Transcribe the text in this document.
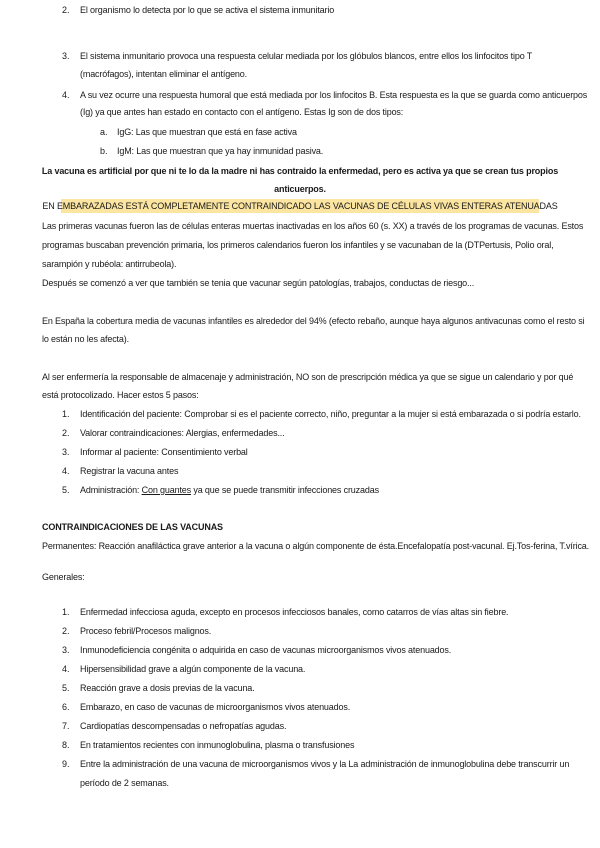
2. El organismo lo detecta por lo que se activa el sistema inmunitario
3. El sistema inmunitario provoca una respuesta celular mediada por los glóbulos blancos, entre ellos los linfocitos tipo T
(macrófagos), intentan eliminar el antígeno.
4. A su vez ocurre una respuesta humoral que está mediada por los linfocitos B. Esta respuesta es la que se guarda como anticuerpos
(Ig) ya que antes han estado en contacto con el antígeno. Estas Ig son de dos tipos:
a. IgG: Las que muestran que está en fase activa
b. IgM: Las que muestran que ya hay inmunidad pasiva.
La vacuna es artificial por que ni te lo da la madre ni has contraido la enfermedad, pero es activa ya que se crean tus propios
anticuerpos.
EN EMBARAZADAS ESTÁ COMPLETAMENTE CONTRAINDICADO LAS VACUNAS DE CÉLULAS VIVAS ENTERAS ATENUADAS
Las primeras vacunas fueron las de células enteras muertas inactivadas en los años 60 (s. XX) a través de los programas de vacunas. Estos
programas buscaban prevención primaria, los primeros calendarios fueron los infantiles y se vacunaban de la (DTPertusis, Polio oral,
sarampión y rubéola: antirrubeola).
Después se comenzó a ver que también se tenia que vacunar según patologías, trabajos, conductas de riesgo...
En España la cobertura media de vacunas infantiles es alrededor del 94% (efecto rebaño, aunque haya algunos antivacunas como el resto si
lo están no les afecta).
Al ser enfermería la responsable de almacenaje y administración, NO son de prescripción médica ya que se sigue un calendario y por qué
está protocolizado. Hacer estos 5 pasos:
1. Identificación del paciente: Comprobar si es el paciente correcto, niño, preguntar a la mujer si está embarazada o si podría estarlo.
2. Valorar contraindicaciones: Alergias, enfermedades...
3. Informar al paciente: Consentimiento verbal
4. Registrar la vacuna antes
5. Administración: Con guantes ya que se puede transmitir infecciones cruzadas
CONTRAINDICACIONES DE LAS VACUNAS
Permanentes: Reacción anafiláctica grave anterior a la vacuna o algún componente de ésta.Encefalopatía post-vacunal. Ej.Tos-ferina, T.vírica.
Generales:
1. Enfermedad infecciosa aguda, excepto en procesos infecciosos banales, como catarros de vías altas sin fiebre.
2. Proceso febril/Procesos malignos.
3. Inmunodeficiencia congénita o adquirida en caso de vacunas microorganismos vivos atenuados.
4. Hipersensibilidad grave a algún componente de la vacuna.
5. Reacción grave a dosis previas de la vacuna.
6. Embarazo, en caso de vacunas de microorganismos vivos atenuados.
7. Cardiopatías descompensadas o nefropatías agudas.
8. En tratamientos recientes con inmunoglobulina, plasma o transfusiones
9. Entre la administración de una vacuna de microorganismos vivos y la La administración de inmunoglobulina debe transcurrir un
período de 2 semanas.
